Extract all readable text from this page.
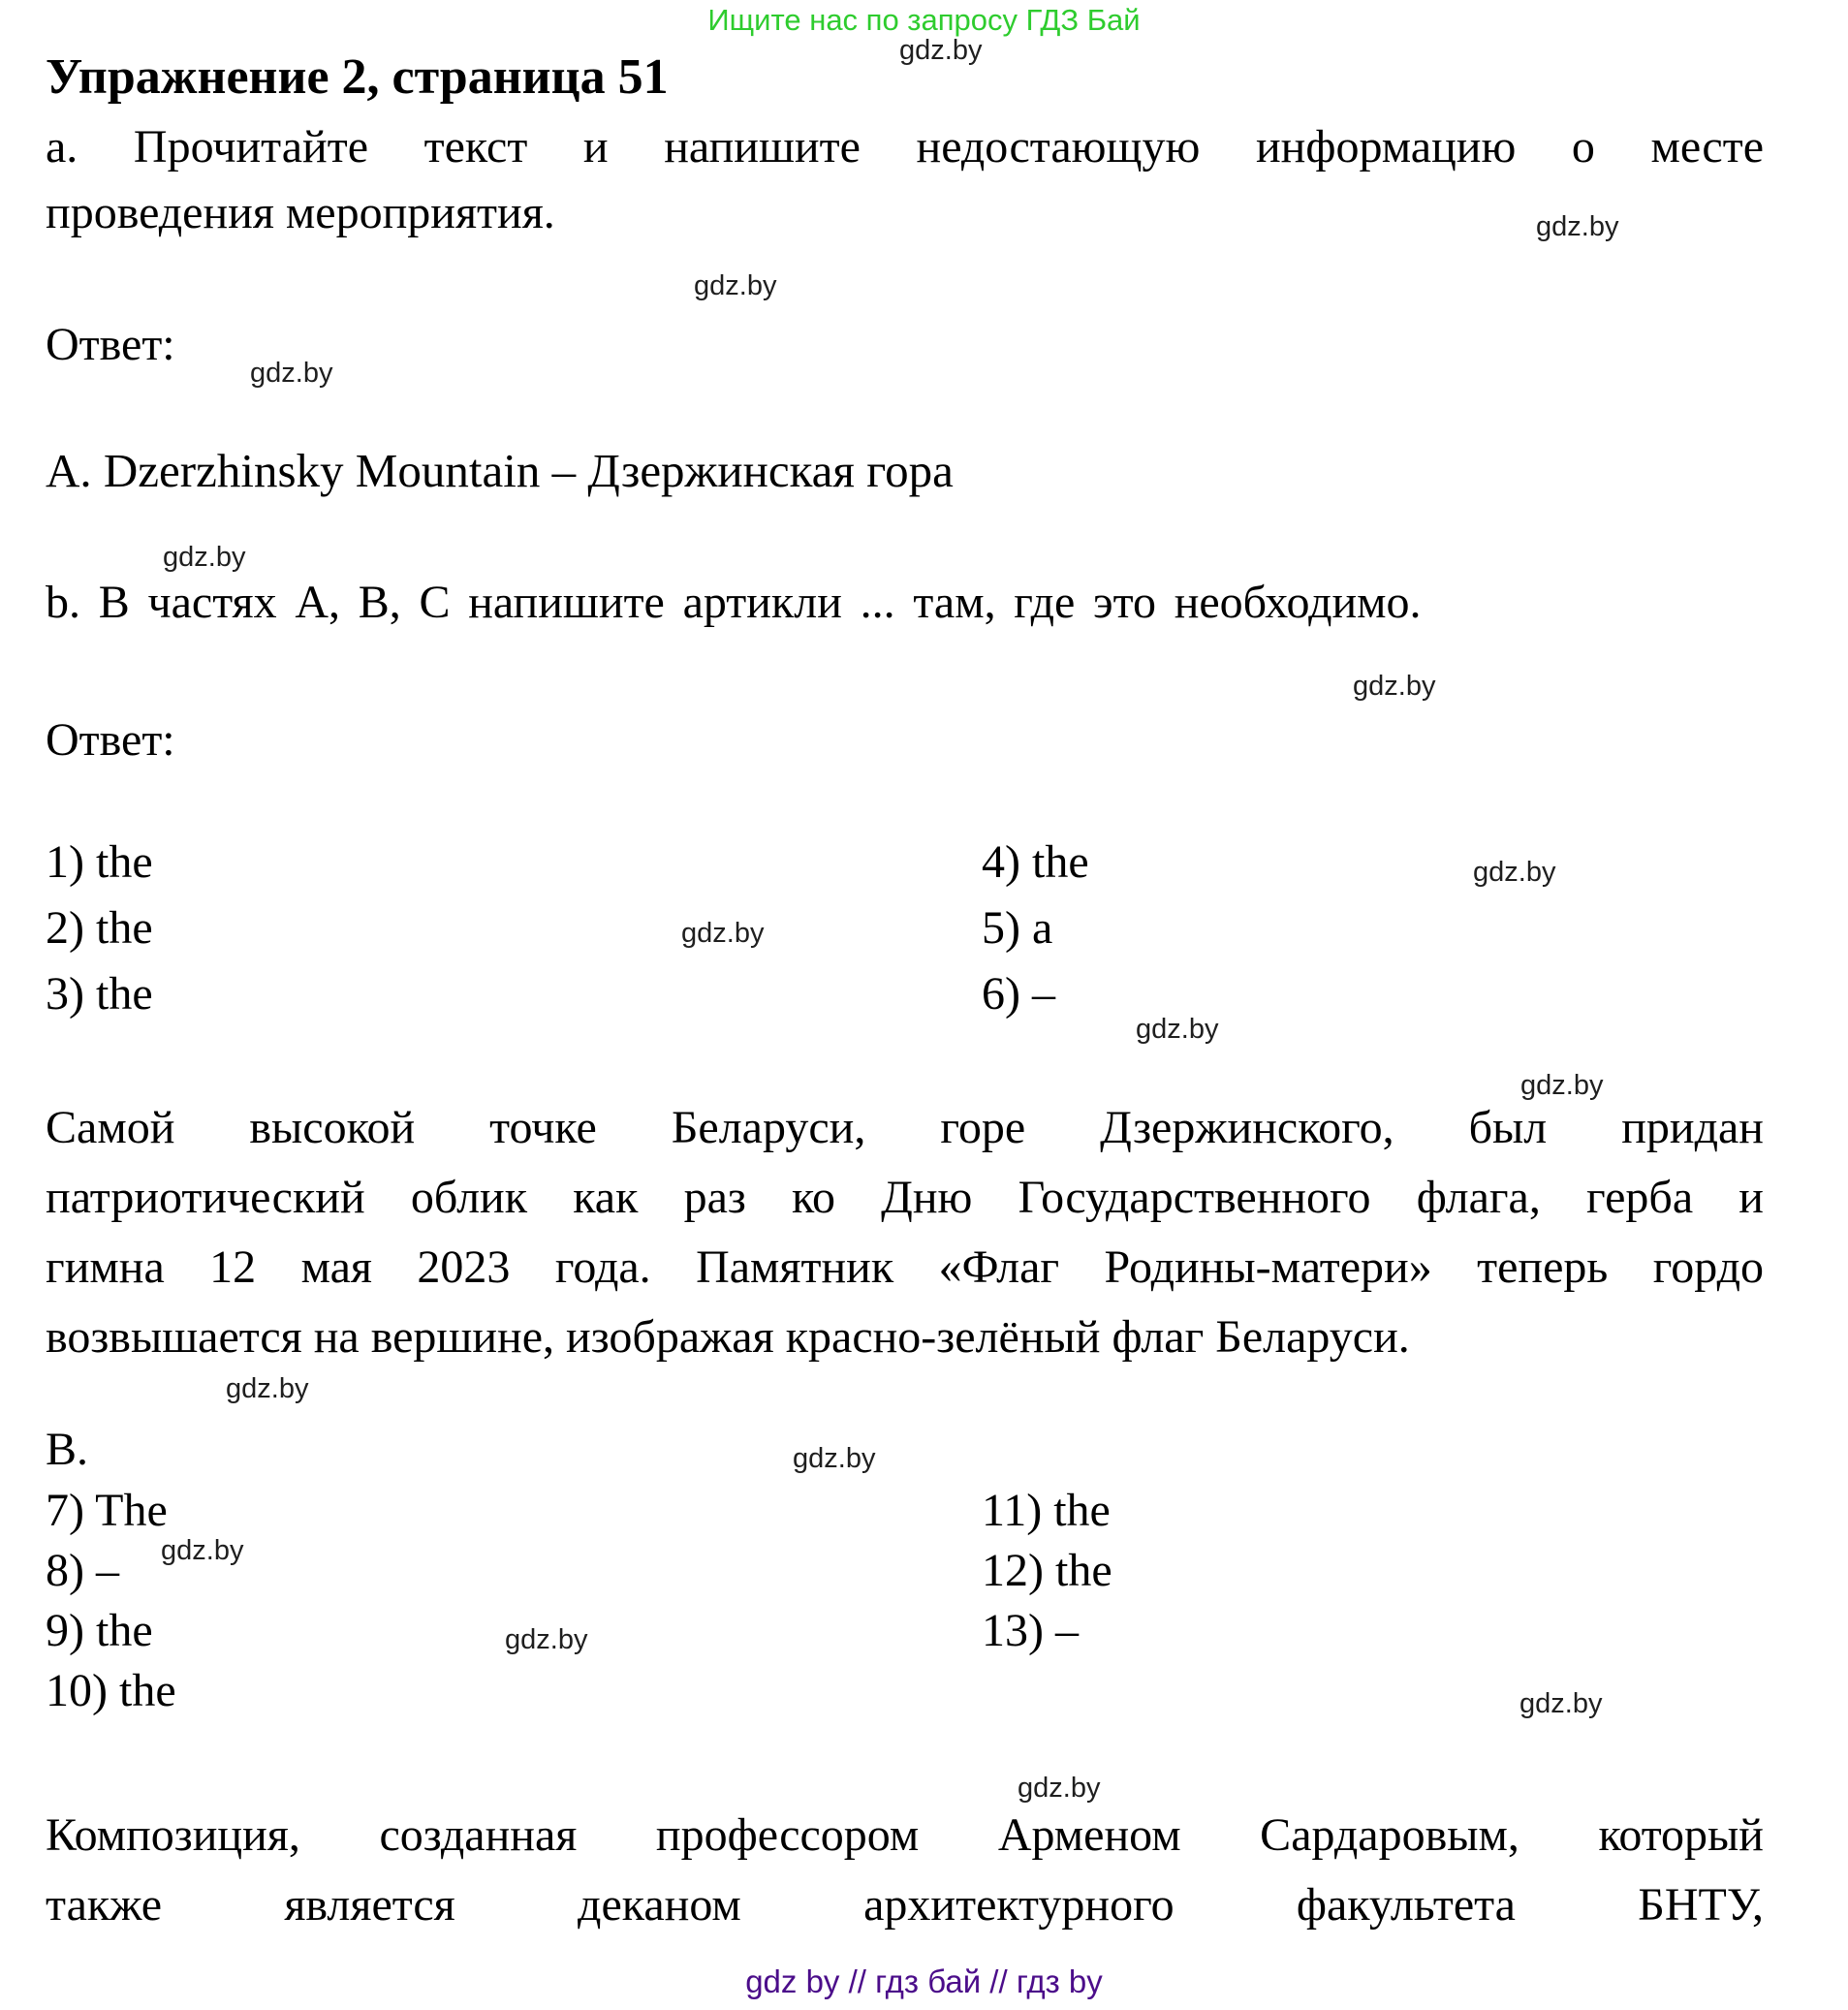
Ищите нас по запросу ГДЗ Бай
gdz.by
gdz.by
gdz.by
gdz.by
gdz.by
gdz.by
gdz.by
gdz.by
gdz.by
gdz.by
gdz.by
gdz.by
gdz.by
gdz.by
gdz.by
gdz.by
Упражнение 2, страница 51
a. Прочитайте текст и напишите недостающую информацию о месте
проведения мероприятия.
Ответ:
A. Dzerzhinsky Mountain – Дзержинская гора
b. В частях A, B, C напишите артикли ... там, где это необходимо.
Ответ:
1) the
2) the
3) the
4) the
5) a
6) –
Самой высокой точке Беларуси, горе Дзержинского, был придан
патриотический облик как раз ко Дню Государственного флага, герба и
гимна 12 мая 2023 года. Памятник «Флаг Родины-матери» теперь гордо
возвышается на вершине, изображая красно-зелёный флаг Беларуси.
B.
7) The
8) –
9) the
10) the
11) the
12) the
13) –
Композиция, созданная профессором Арменом Сардаровым, который
также является деканом архитектурного факультета БНТУ,
gdz by // гдз бай // гдз by
